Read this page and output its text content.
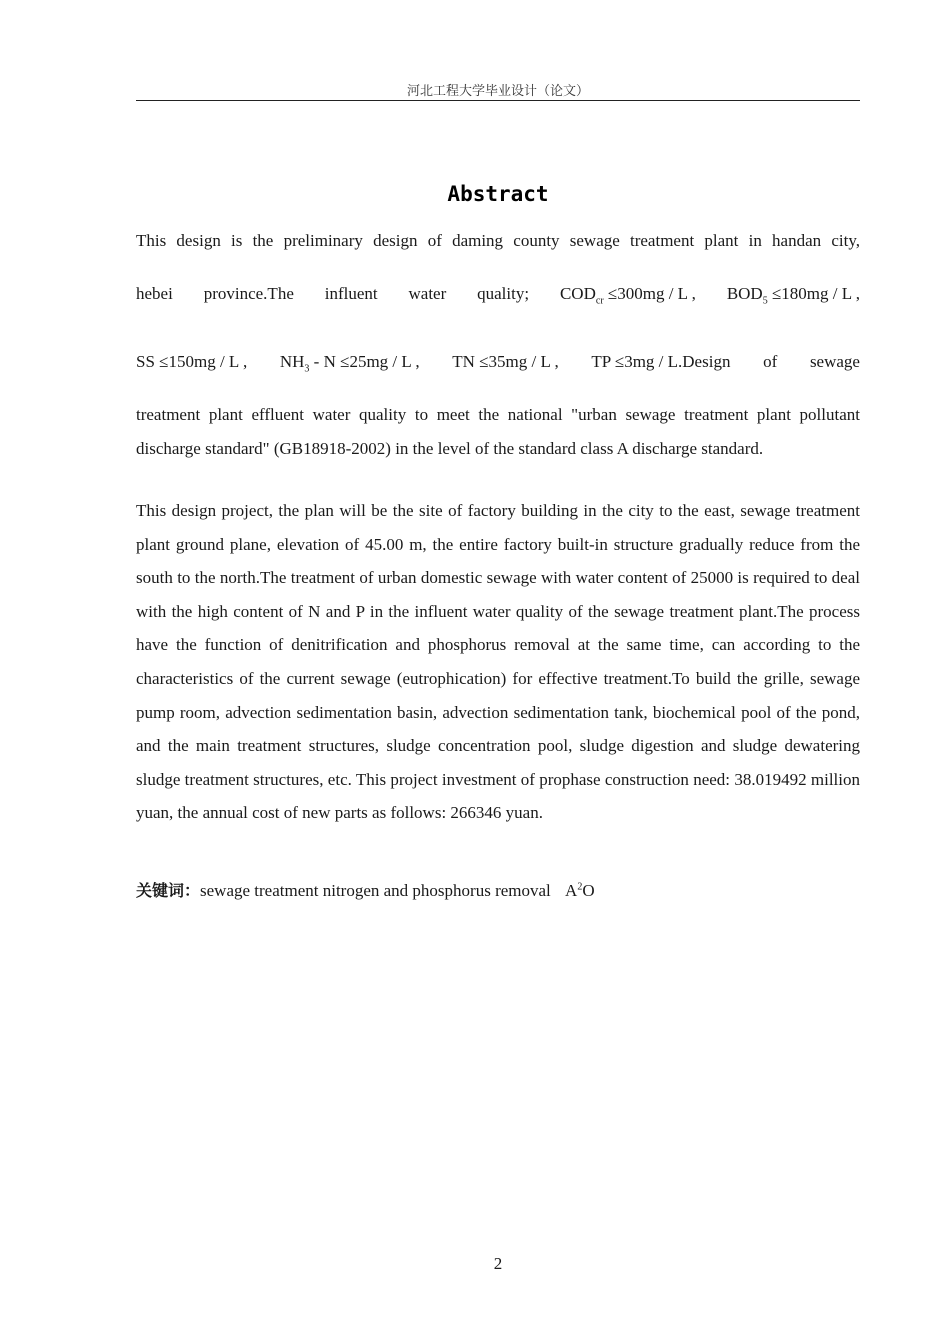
河北工程大学毕业设计（论文）
Abstract
This design is the preliminary design of daming county sewage treatment plant in handan city,
hebei province.The influent water quality; $COD_{cr} \le 300mg / L$ , $BOD_5 \le 180mg / L$ ,
SS ≤150mg / L , $NH_3 - N \le 25mg / L$ , TN ≤35mg / L , TP ≤3mg / L.Design of sewage
treatment plant effluent water quality to meet the national "urban sewage treatment plant pollutant discharge standard" (GB18918-2002) in the level of the standard class A discharge standard.
This design project, the plan will be the site of factory building in the city to the east, sewage treatment plant ground plane, elevation of 45.00 m, the entire factory built-in structure gradually reduce from the south to the north.The treatment of urban domestic sewage with water content of 25000 is required to deal with the high content of N and P in the influent water quality of the sewage treatment plant.The process have the function of denitrification and phosphorus removal at the same time, can according to the characteristics of the current sewage (eutrophication) for effective treatment.To build the grille, sewage pump room, advection sedimentation basin, advection sedimentation tank, biochemical pool of the pond, and the main treatment structures, sludge concentration pool, sludge digestion and sludge dewatering sludge treatment structures, etc. This project investment of prophase construction need: 38.019492 million yuan, the annual cost of new parts as follows: 266346 yuan.
关键词：sewage treatment nitrogen and phosphorus removal $A^2O$
2
